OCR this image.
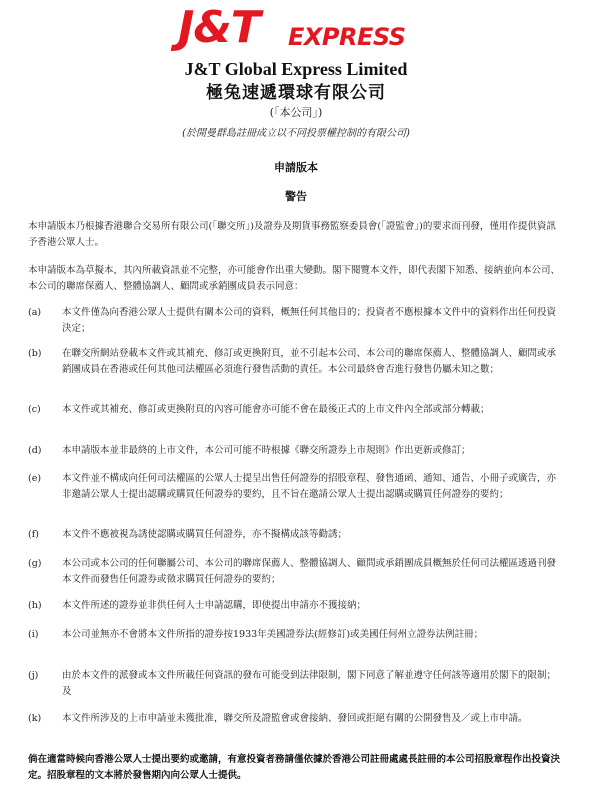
J&T EXPRESS
J&T Global Express Limited
極兔速遞環球有限公司
(「本公司」)
(於開曼群島註冊成立以不同投票權控制的有限公司)
申請版本
警告
本申請版本乃根據香港聯合交易所有限公司(「聯交所」)及證券及期貨事務監察委員會(「證監會」)的要求而刊發，僅用作提供資訊予香港公眾人士。
本申請版本為草擬本，其內所載資訊並不完整，亦可能會作出重大變動。閣下閱覽本文件，即代表閣下知悉、接納並向本公司、本公司的聯席保薦人、整體協調人、顧問或承銷團成員表示同意：
(a)	本文件僅為向香港公眾人士提供有關本公司的資料，概無任何其他目的；投資者不應根據本文件中的資料作出任何投資決定；
(b)	在聯交所網站登載本文件或其補充、修訂或更換附頁，並不引起本公司、本公司的聯席保薦人、整體協調人、顧問或承銷團成員在香港或任何其他司法權區必須進行發售活動的責任。本公司最終會否進行發售仍屬未知之數；
(c)	本文件或其補充、修訂或更換附頁的內容可能會亦可能不會在最後正式的上市文件內全部或部分轉載；
(d)	本申請版本並非最終的上市文件，本公司可能不時根據《聯交所證券上市規則》作出更新或修訂；
(e)	本文件並不構成向任何司法權區的公眾人士提呈出售任何證券的招股章程、發售通函、通知、通告、小冊子或廣告，亦非邀請公眾人士提出認購或購買任何證券的要約，且不旨在邀請公眾人士提出認購或購買任何證券的要約；
(f)	本文件不應被視為誘使認購或購買任何證券，亦不擬構成該等勸誘；
(g)	本公司或本公司的任何聯屬公司、本公司的聯席保薦人、整體協調人、顧問或承銷團成員概無於任何司法權區透過刊發本文件而發售任何證券或徵求購買任何證券的要約；
(h)	本文件所述的證券並非供任何人士申請認購，即使提出申請亦不獲接納；
(i)	本公司並無亦不會將本文件所指的證券按1933年美國證券法(經修訂)或美國任何州立證券法例註冊；
(j)	由於本文件的派發或本文件所載任何資訊的發布可能受到法律限制，閣下同意了解並遵守任何該等適用於閣下的限制；及
(k)	本文件所涉及的上市申請並未獲批准，聯交所及證監會或會接納、發回或拒絕有關的公開發售及／或上市申請。
倘在適當時候向香港公眾人士提出要約或邀請，有意投資者務請僅依據於香港公司註冊處處長註冊的本公司招股章程作出投資決定。招股章程的文本將於發售期內向公眾人士提供。
